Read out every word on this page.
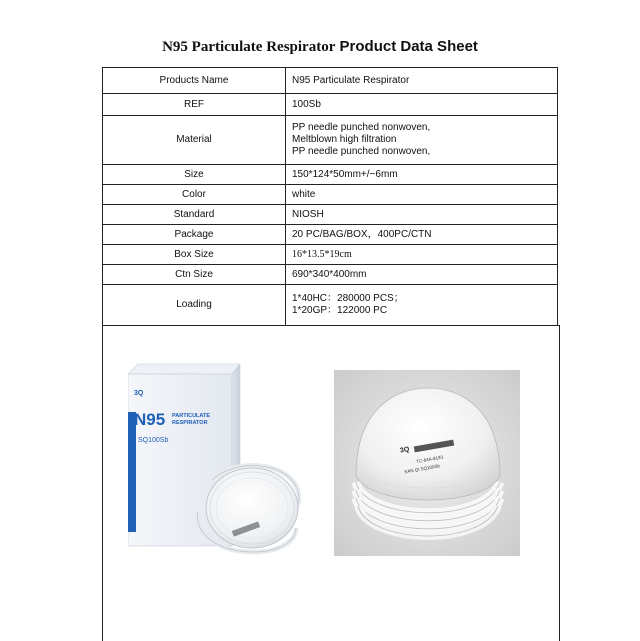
N95 Particulate Respirator Product Data Sheet
Products Name	N95 Particulate Respirator
REF	100Sb
Material	PP needle punched nonwoven,
Meltblown high filtration
PP needle punched nonwoven,

Size	150*124*50mm+/−6mm
Color	white
Standard	NIOSH
Package	20 PC/BAG/BOX，400PC/CTN
Box Size	16*13.5*19cm
Ctn Size	690*340*400mm
Loading	1*40HC：280000 PCS；
1*20GP：122000 PC
3Q
N95 PARTICULATE
RESPIRATOR
SQ100Sb
3Q
TC-84A-8193
SAN QI SQ100Sb
